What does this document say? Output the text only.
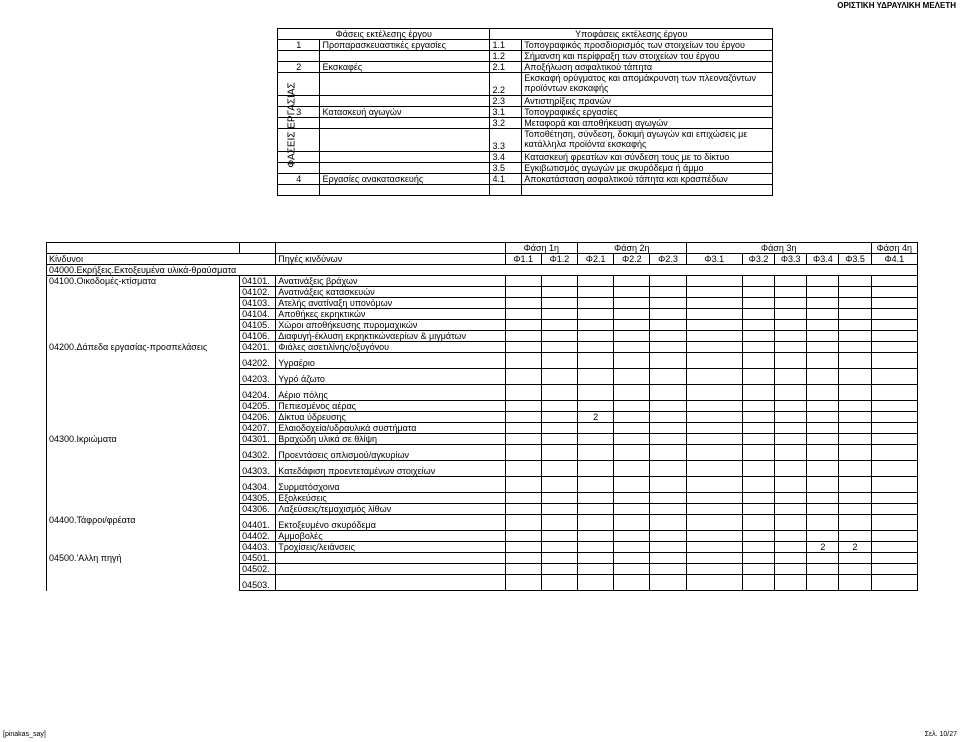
ΟΡΙΣΤΙΚΗ ΥΔΡΑΥΛΙΚΗ ΜΕΛΕΤΗ
ΦΑΣΕΙΣ ΕΡΓΑΣΙΑΣ
Φάσεις εκτέλεσης έργου		Υποφάσεις εκτέλεσης έργου	
1	Προπαρασκευαστικές εργασίες	1.1	Τοπογραφικός προσδιορισμός των στοιχείων του έργου
		1.2	Σήμανση και περίφραξη των στοιχείων του έργου
2	Εκσκαφές	2.1	Αποξήλωση ασφαλτικού τάπητα
		2.2	Εκσκαφή ορύγματος και απομάκρυνση των πλεοναζόντων προϊόντων εκσκαφής
		2.3	Αντιστηρίξεις πρανών
3	Κατασκευή αγωγών	3.1	Τοπογραφικές εργασίες
		3.2	Μεταφορά και αποθήκευση αγωγών
		3.3	Τοποθέτηση, σύνδεση, δοκιμή αγωγών και επιχώσεις με κατάλληλα προϊόντα εκσκαφής
		3.4	Κατασκευή φρεατίων και σύνδεση τους με το δίκτυο
		3.5	Εγκιβωτισμός αγωγών με σκυρόδεμα ή άμμο
4	Εργασίες ανακατασκευής	4.1	Αποκατάσταση ασφαλτικού τάπητα και κρασπέδων

			Φάση 1η		Φάση 2η			Φάση 3η					Φάση 4η
Κίνδυνοι		Πηγές κινδύνων	Φ1.1	Φ1.2	Φ2.1	Φ2.2	Φ2.3	Φ3.1	Φ3.2	Φ3.3	Φ3.4	Φ3.5	Φ4.1
04000.Εκρήξεις.Εκτοξευμένα υλικά-θραύσματα													
04100.Οικοδομές-κτίσματα	04101.	Ανατινάξεις βράχων											
	04102.	Ανατινάξεις κατασκευών											
	04103.	Ατελής ανατίναξη υπονόμων											
	04104.	Αποθήκες εκρηκτικών											
	04105.	Χώροι αποθήκευσης πυρομαχικών											
	04106.	Διαφυγή-έκλυση εκρηκτικώναερίων & μιγμάτων											
04200.Δάπεδα εργασίας-προσπελάσεις	04201.	Φιάλες ασετιλίνης/οξυγόνου											
	04202.	Υγραέριο											
	04203.	Υγρό άζωτο											
	04204.	Αέριο πόλης											
	04205.	Πεπιεσμένος αέρας											
	04206.	Δίκτυα ύδρευσης			2								
	04207.	Ελαιοδοχεία/υδραυλικά συστήματα											
04300.Ικριώματα	04301.	Βραχώδη υλικά σε θλίψη											
	04302.	Προεντάσεις οπλισμού/αγκυρίων											
	04303.	Κατεδάφιση προεντεταμένων στοιχείων											
	04304.	Συρματόσχοινα											
	04305.	Εξολκεύσεις											
	04306.	Λαξεύσεις/τεμαχισμός λίθων											
04400.Τάφροι/φρέατα	04401.	Εκτοξευμένο σκυρόδεμα											
	04402.	Αμμοβολές											
	04403.	Τροχίσεις/λειάνσεις									2	2	
04500.'Αλλη πηγή	04501.												
	04502.												
	04503.												
[pinakas_say]	Σελ. 10/27
